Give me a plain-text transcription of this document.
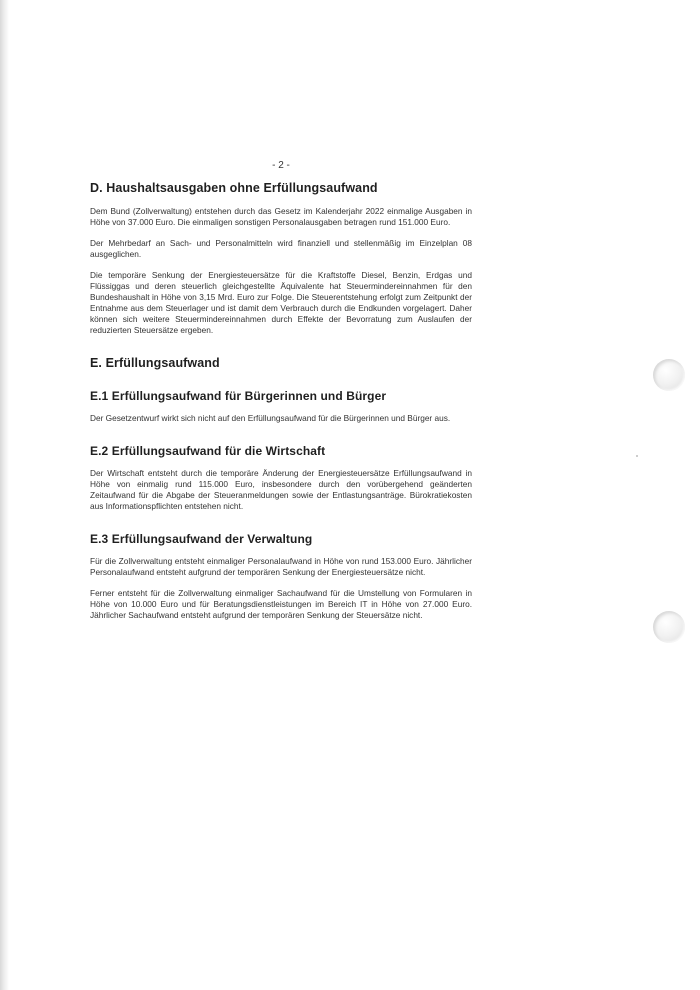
- 2 -
D. Haushaltsausgaben ohne Erfüllungsaufwand

Dem Bund (Zollverwaltung) entstehen durch das Gesetz im Kalenderjahr 2022 einmalige Ausgaben in Höhe von 37.000 Euro. Die einmaligen sonstigen Personalausgaben betragen rund 151.000 Euro.

Der Mehrbedarf an Sach- und Personalmitteln wird finanziell und stellenmäßig im Einzelplan 08 ausgeglichen.

Die temporäre Senkung der Energiesteuersätze für die Kraftstoffe Diesel, Benzin, Erdgas und Flüssiggas und deren steuerlich gleichgestellte Äquivalente hat Steuermindereinnahmen für den Bundeshaushalt in Höhe von 3,15 Mrd. Euro zur Folge. Die Steuerentstehung erfolgt zum Zeitpunkt der Entnahme aus dem Steuerlager und ist damit dem Verbrauch durch die Endkunden vorgelagert. Daher können sich weitere Steuermindereinnahmen durch Effekte der Bevorratung zum Auslaufen der reduzierten Steuersätze ergeben.

E. Erfüllungsaufwand
E.1 Erfüllungsaufwand für Bürgerinnen und Bürger

Der Gesetzentwurf wirkt sich nicht auf den Erfüllungsaufwand für die Bürgerinnen und Bürger aus.

E.2 Erfüllungsaufwand für die Wirtschaft

Der Wirtschaft entsteht durch die temporäre Änderung der Energiesteuersätze Erfüllungsaufwand in Höhe von einmalig rund 115.000 Euro, insbesondere durch den vorübergehend geänderten Zeitaufwand für die Abgabe der Steueranmeldungen sowie der Entlastungsanträge. Bürokratiekosten aus Informationspflichten entstehen nicht.

E.3 Erfüllungsaufwand der Verwaltung

Für die Zollverwaltung entsteht einmaliger Personalaufwand in Höhe von rund 153.000 Euro. Jährlicher Personalaufwand entsteht aufgrund der temporären Senkung der Energiesteuersätze nicht.

Ferner entsteht für die Zollverwaltung einmaliger Sachaufwand für die Umstellung von Formularen in Höhe von 10.000 Euro und für Beratungsdienstleistungen im Bereich IT in Höhe von 27.000 Euro. Jährlicher Sachaufwand entsteht aufgrund der temporären Senkung der Steuersätze nicht.
